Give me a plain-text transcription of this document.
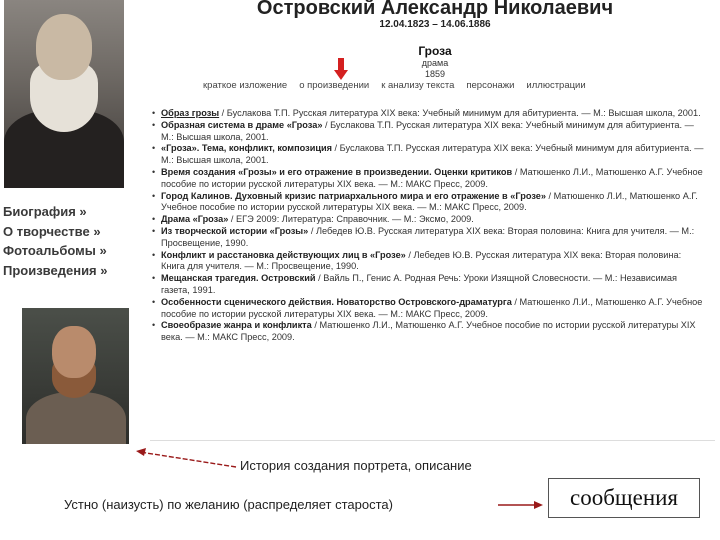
Биография »
О творчестве »
Фотоальбомы »
Произведения »
Островский Александр Николаевич
12.04.1823 – 14.06.1886
Гроза
драма
1859
краткое изложение о произведении к анализу текста персонажи иллюстрации
• Образ грозы / Буслакова Т.П. Русская литература XIX века: Учебный минимум для абитуриента. — М.: Высшая школа, 2001.
• Образная система в драме «Гроза» / Буслакова Т.П. Русская литература XIX века: Учебный минимум для абитуриента. — М.: Высшая школа, 2001.
• «Гроза». Тема, конфликт, композиция / Буслакова Т.П. Русская литература XIX века: Учебный минимум для абитуриента. — М.: Высшая школа, 2001.
• Время создания «Грозы» и его отражение в произведении. Оценки критиков / Матюшенко Л.И., Матюшенко А.Г. Учебное пособие по истории русской литературы XIX века. — М.: МАКС Пресс, 2009.
• Город Калинов. Духовный кризис патриархального мира и его отражение в «Грозе» / Матюшенко Л.И., Матюшенко А.Г. Учебное пособие по истории русской литературы XIX века. — М.: МАКС Пресс, 2009.
• Драма «Гроза» / ЕГЭ 2009: Литература: Справочник. — М.: Эксмо, 2009.
• Из творческой истории «Грозы» / Лебедев Ю.В. Русская литература XIX века: Вторая половина: Книга для учителя. — М.: Просвещение, 1990.
• Конфликт и расстановка действующих лиц в «Грозе» / Лебедев Ю.В. Русская литература XIX века: Вторая половина: Книга для учителя. — М.: Просвещение, 1990.
• Мещанская трагедия. Островский / Вайль П., Генис А. Родная Речь: Уроки Изящной Словесности. — М.: Независимая газета, 1991.
• Особенности сценического действия. Новаторство Островского-драматурга / Матюшенко Л.И., Матюшенко А.Г. Учебное пособие по истории русской литературы XIX века. — М.: МАКС Пресс, 2009.
• Своеобразие жанра и конфликта / Матюшенко Л.И., Матюшенко А.Г. Учебное пособие по истории русской литературы XIX века. — М.: МАКС Пресс, 2009.
История создания портрета, описание
Устно (наизусть) по желанию (распределяет староста)	сообщения
